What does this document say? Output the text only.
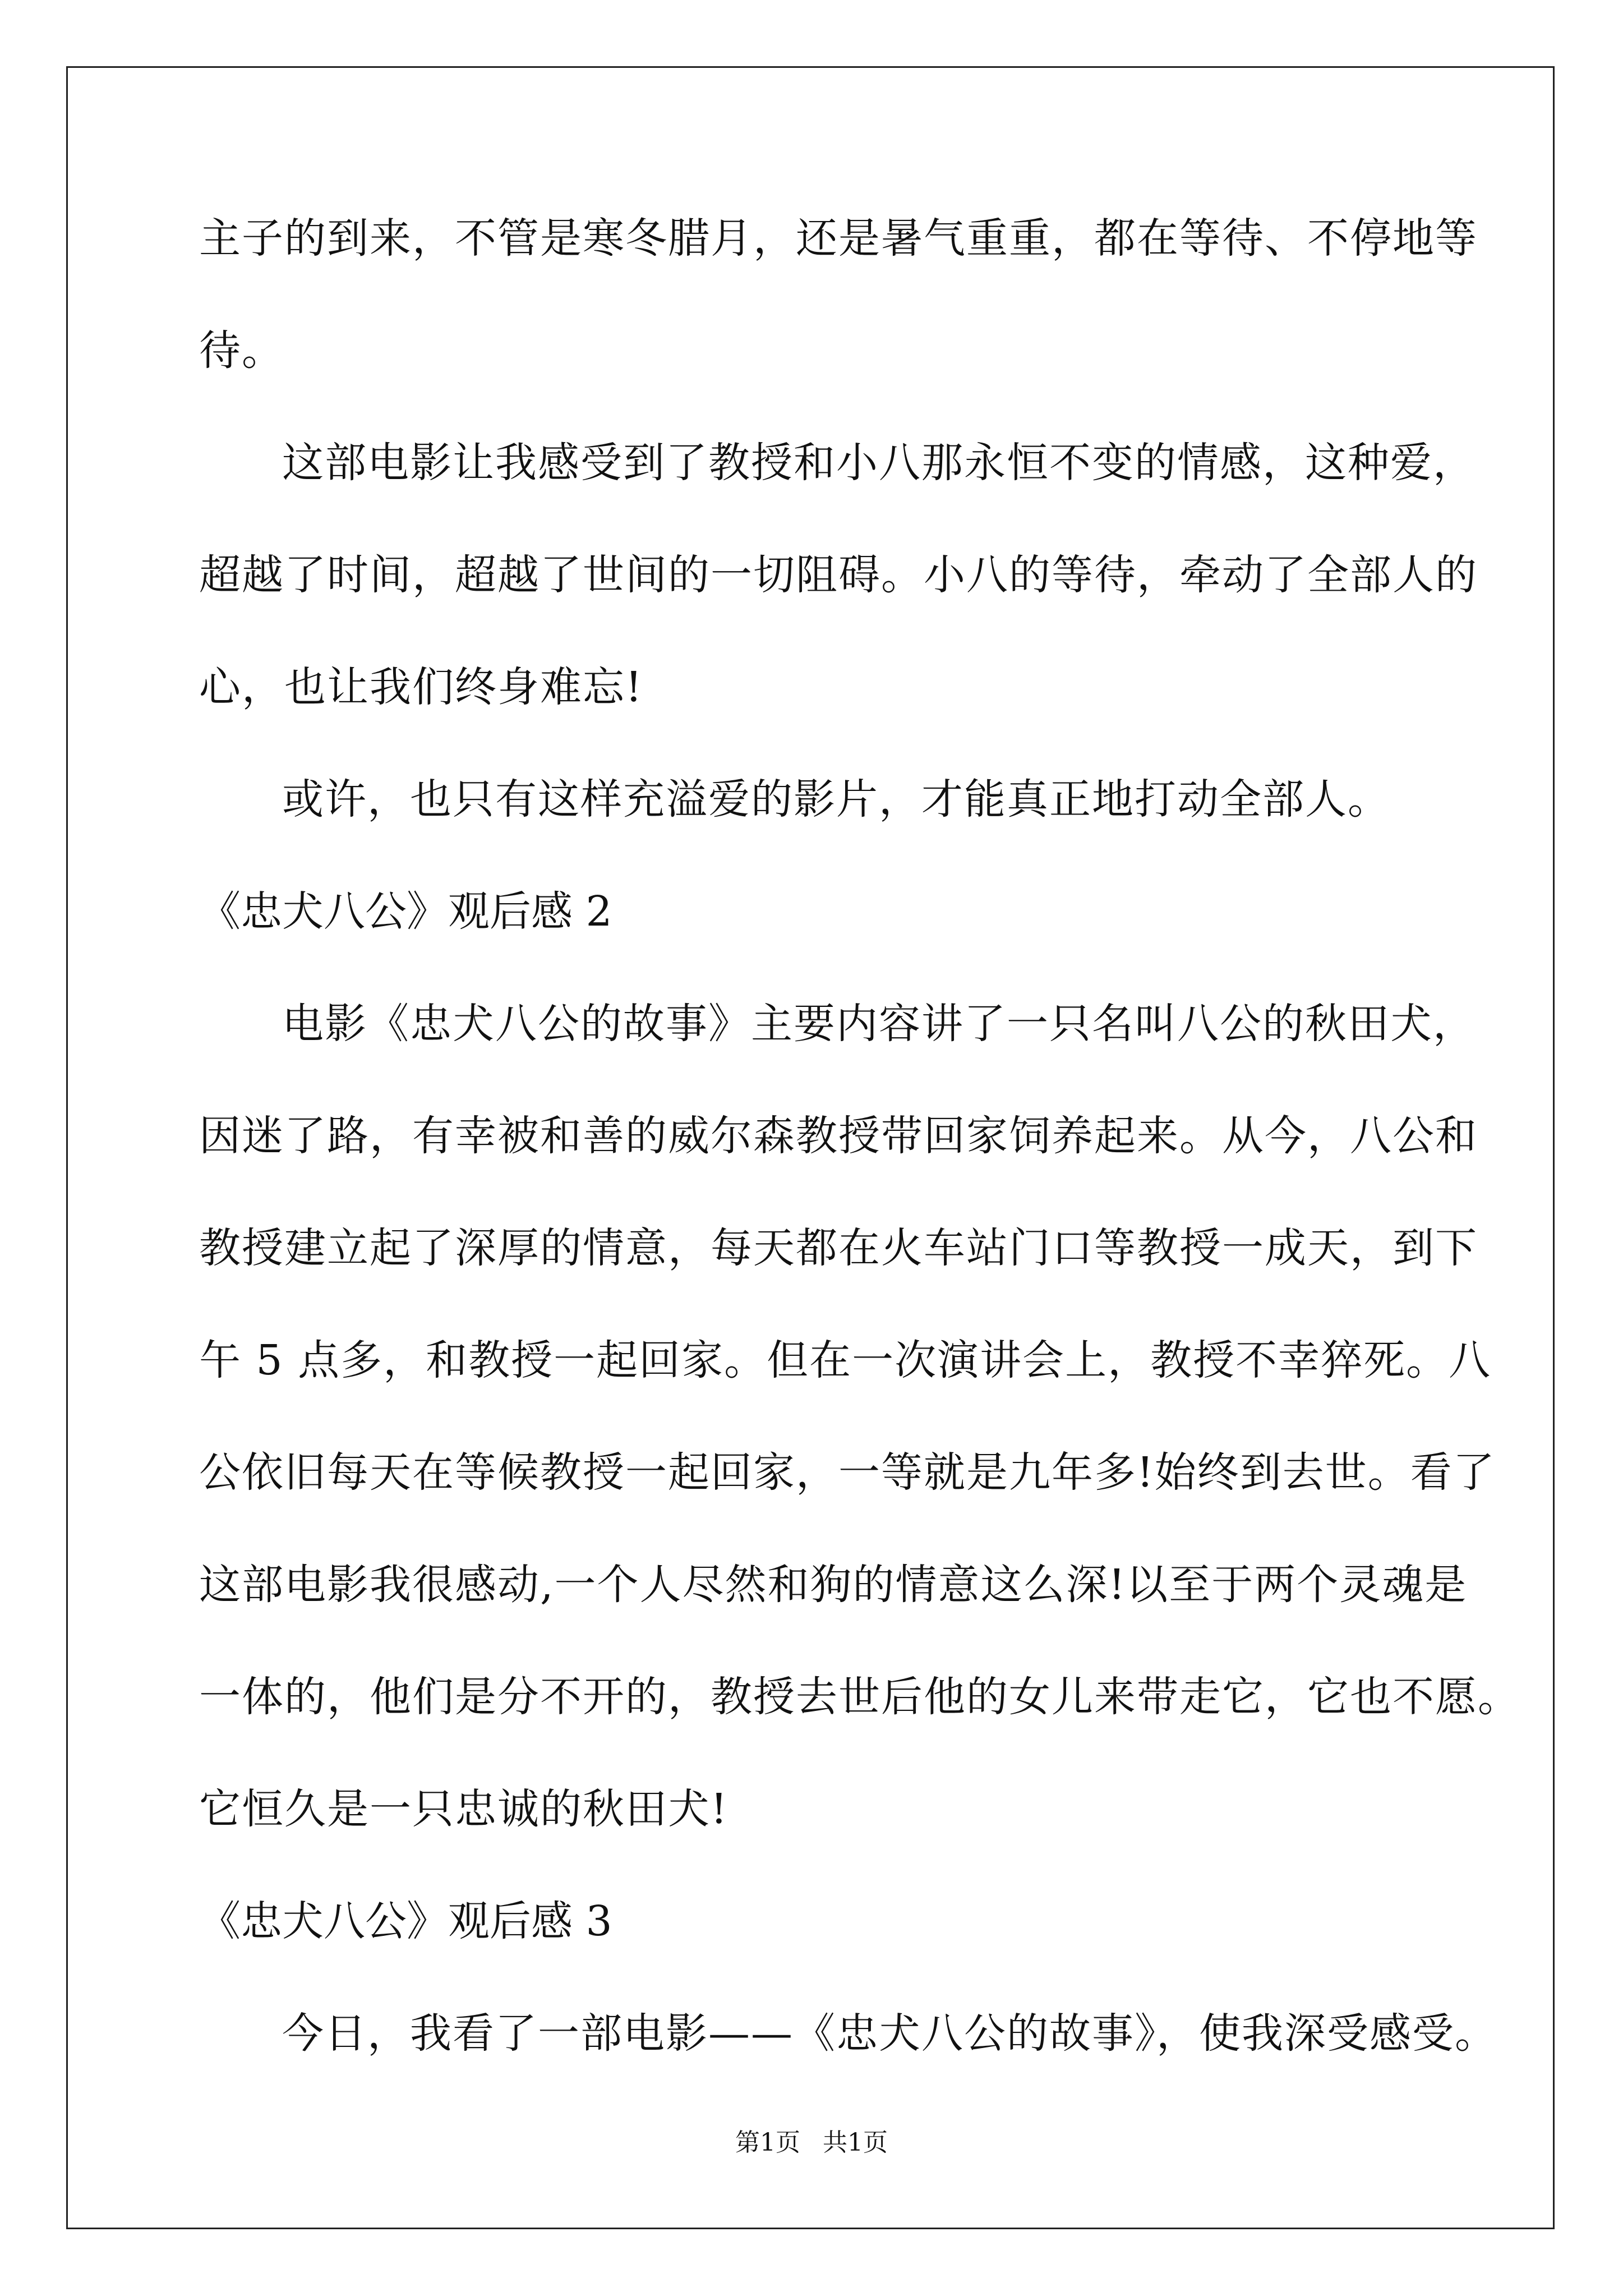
主子的到来，不管是寒冬腊月，还是暑气重重，都在等待、不停地等
待。
这部电影让我感受到了教授和小八那永恒不变的情感，这种爱，
超越了时间，超越了世间的一切阻碍。小八的等待，牵动了全部人的
心，也让我们终身难忘!
或许，也只有这样充溢爱的影片，才能真正地打动全部人。
《忠犬八公》观后感 2
电影《忠犬八公的故事》主要内容讲了一只名叫八公的秋田犬，
因迷了路，有幸被和善的威尔森教授带回家饲养起来。从今，八公和
教授建立起了深厚的情意，每天都在火车站门口等教授一成天，到下
午 5 点多，和教授一起回家。但在一次演讲会上，教授不幸猝死。八
公依旧每天在等候教授一起回家，一等就是九年多!始终到去世。看了
这部电影我很感动,一个人尽然和狗的情意这么深!以至于两个灵魂是
一体的，他们是分不开的，教授去世后他的女儿来带走它，它也不愿。
它恒久是一只忠诚的秋田犬!
《忠犬八公》观后感 3
今日，我看了一部电影——《忠犬八公的故事》，使我深受感受。
第1页 共1页
